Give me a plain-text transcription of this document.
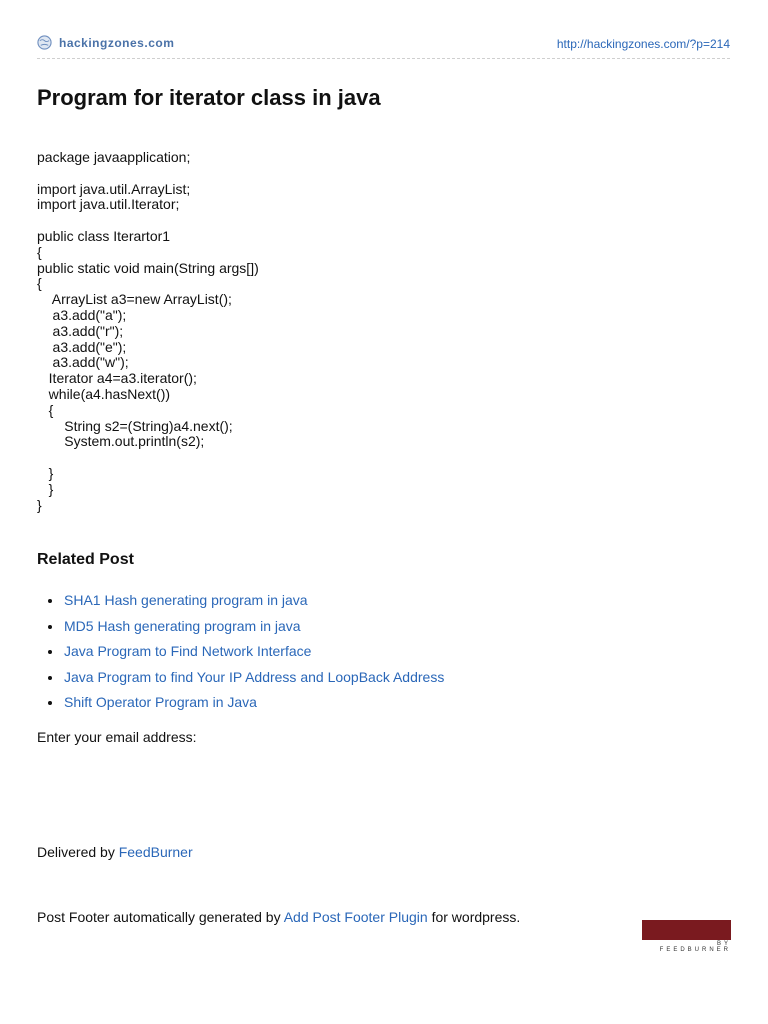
hackingzones.com	http://hackingzones.com/?p=214
Program for iterator class in java
package javaapplication;

import java.util.ArrayList;
import java.util.Iterator;

public class Iterartor1
{
public static void main(String args[])
{
ArrayList a3=new ArrayList();
a3.add("a");
a3.add("r");
a3.add("e");
a3.add("w");
Iterator a4=a3.iterator();
while(a4.hasNext())
{
String s2=(String)a4.next();
System.out.println(s2);

}
}
}
Related Post
SHA1 Hash generating program in java
MD5 Hash generating program in java
Java Program to Find Network Interface
Java Program to find Your IP Address and LoopBack Address
Shift Operator Program in Java
Enter your email address:
Delivered by FeedBurner
Post Footer automatically generated by Add Post Footer Plugin for wordpress.
BY FEEDBURNER
